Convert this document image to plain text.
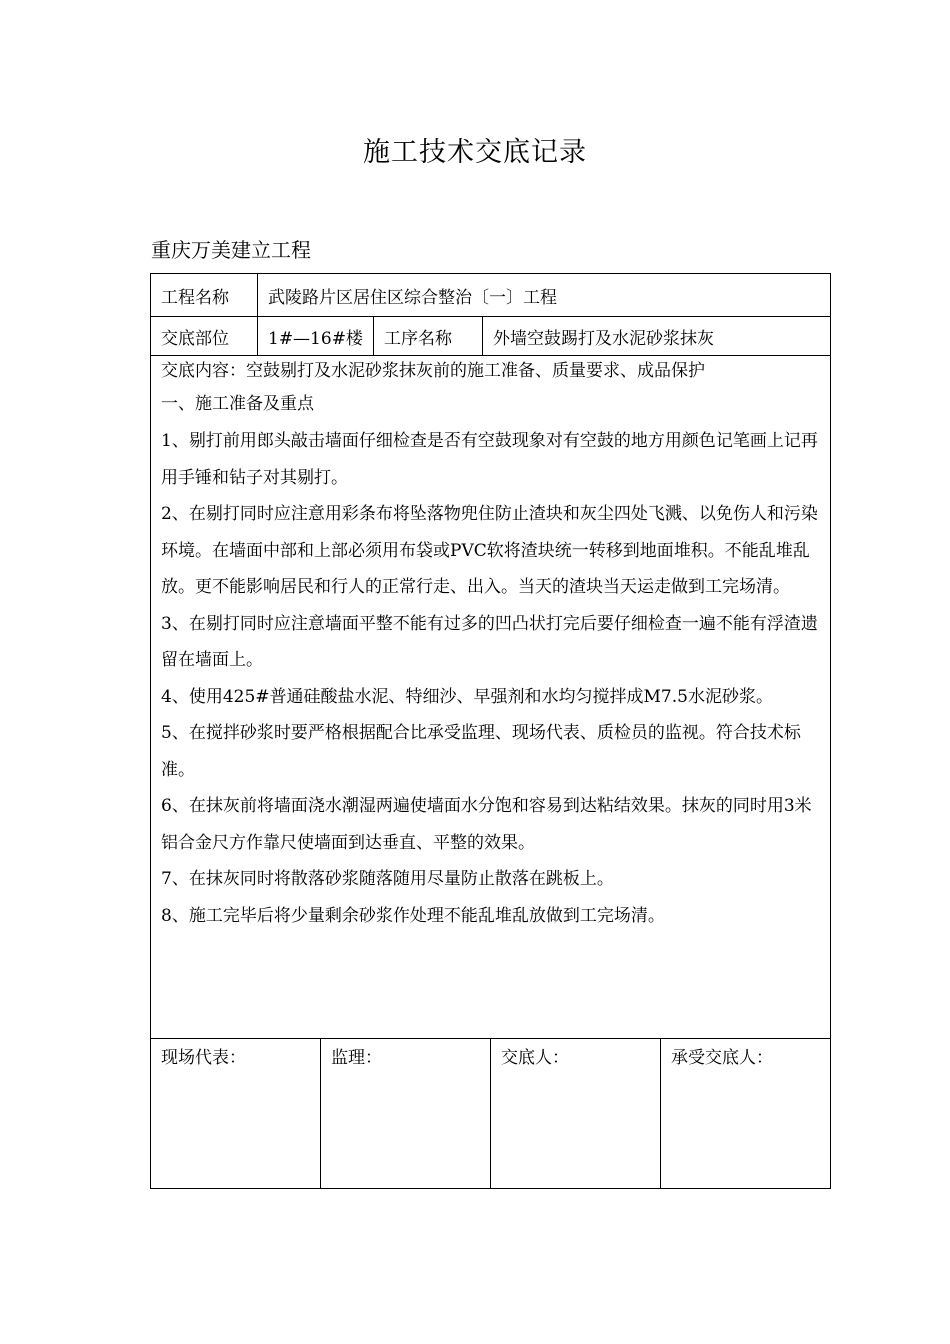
施工技术交底记录
重庆万美建立工程
工程名称	武陵路片区居住区综合整治〔一〕工程
交底部位	1#—16#楼	工序名称	外墙空鼓踢打及水泥砂浆抹灰

交底内容：空鼓剔打及水泥砂浆抹灰前的施工准备、质量要求、成品保护

一、施工准备及重点

1、剔打前用郎头敲击墙面仔细检查是否有空鼓现象对有空鼓的地方用颜色记笔画上记再用手锤和钻子对其剔打。

2、在剔打同时应注意用彩条布将坠落物兜住防止渣块和灰尘四处飞溅、以免伤人和污染环境。在墙面中部和上部必须用布袋或PVC软将渣块统一转移到地面堆积。不能乱堆乱放。更不能影响居民和行人的正常行走、出入。当天的渣块当天运走做到工完场清。

3、在剔打同时应注意墙面平整不能有过多的凹凸状打完后要仔细检查一遍不能有浮渣遗留在墙面上。

4、使用425#普通硅酸盐水泥、特细沙、早强剂和水均匀搅拌成M7.5水泥砂浆。

5、在搅拌砂浆时要严格根据配合比承受监理、现场代表、质检员的监视。符合技术标准。

6、在抹灰前将墙面浇水潮湿两遍使墙面水分饱和容易到达粘结效果。抹灰的同时用3米铝合金尺方作靠尺使墙面到达垂直、平整的效果。

7、在抹灰同时将散落砂浆随落随用尽量防止散落在跳板上。

8、施工完毕后将少量剩余砂浆作处理不能乱堆乱放做到工完场清。

现场代表：	监理：	交底人：	承受交底人：
